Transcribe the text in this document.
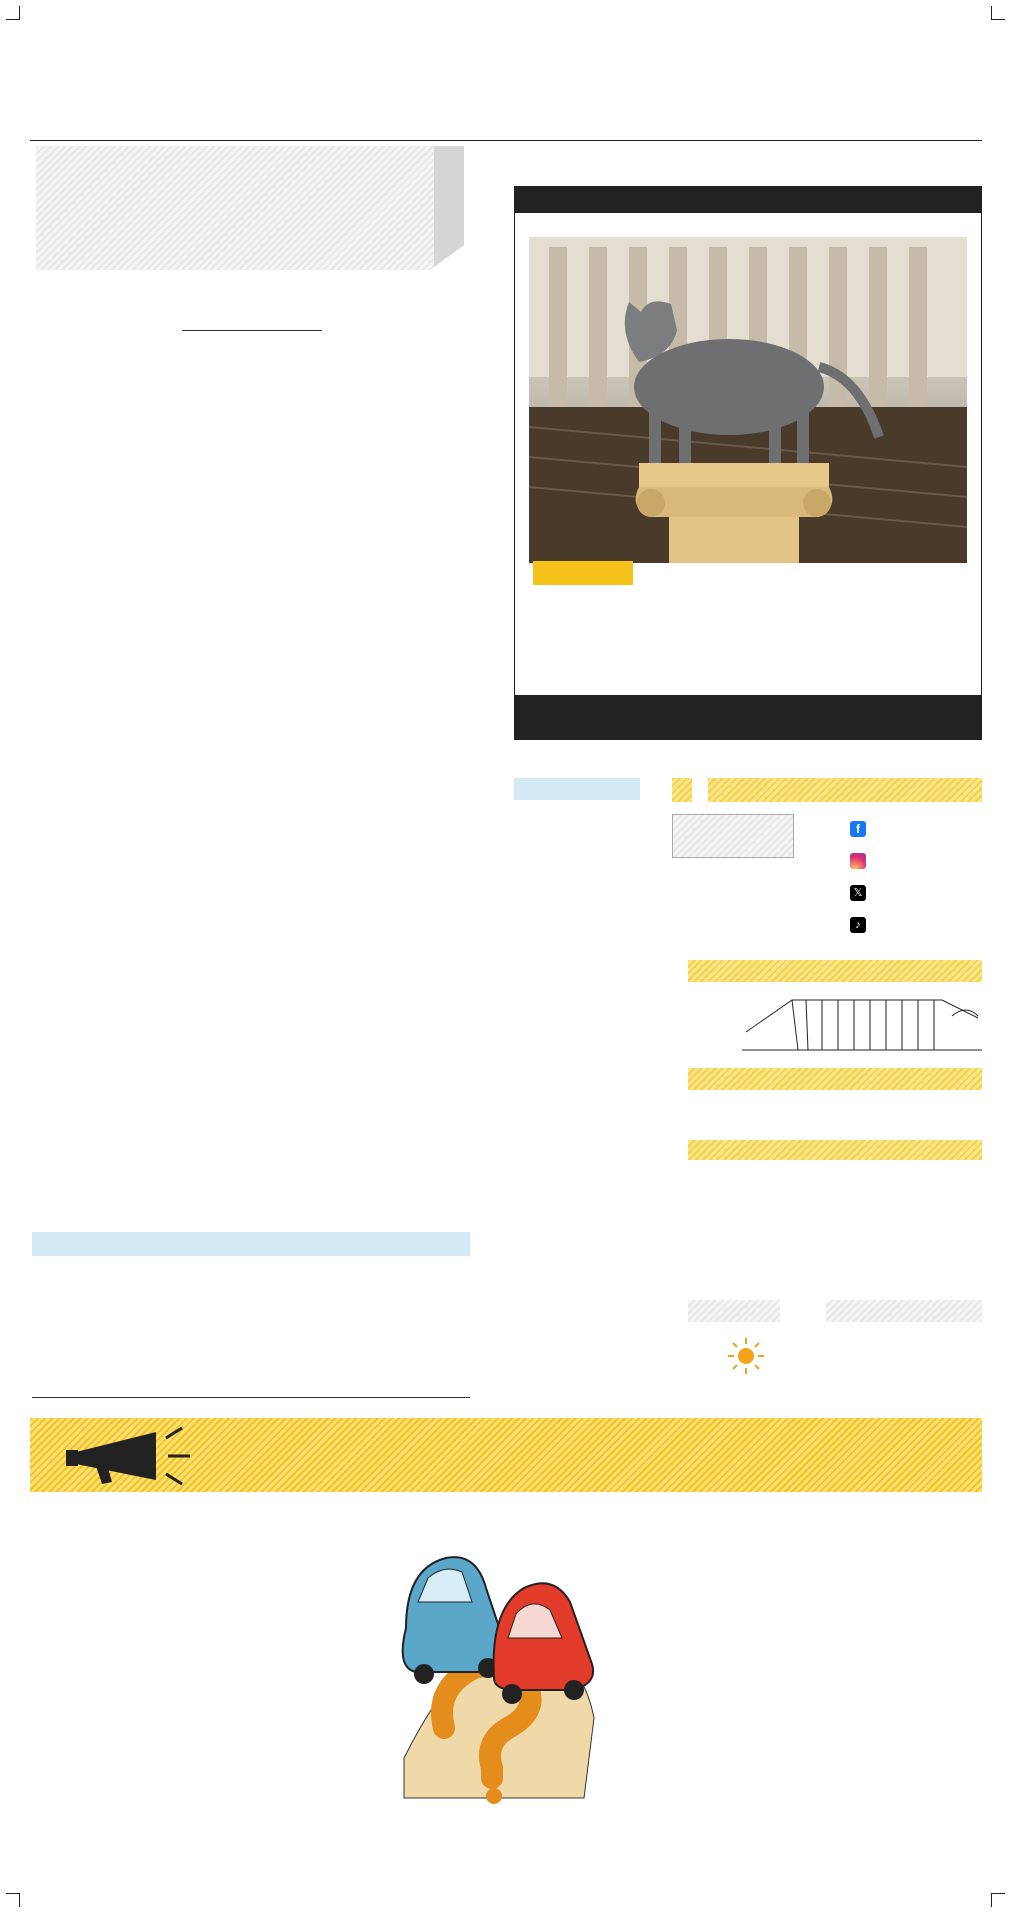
f
𝕏
♪
